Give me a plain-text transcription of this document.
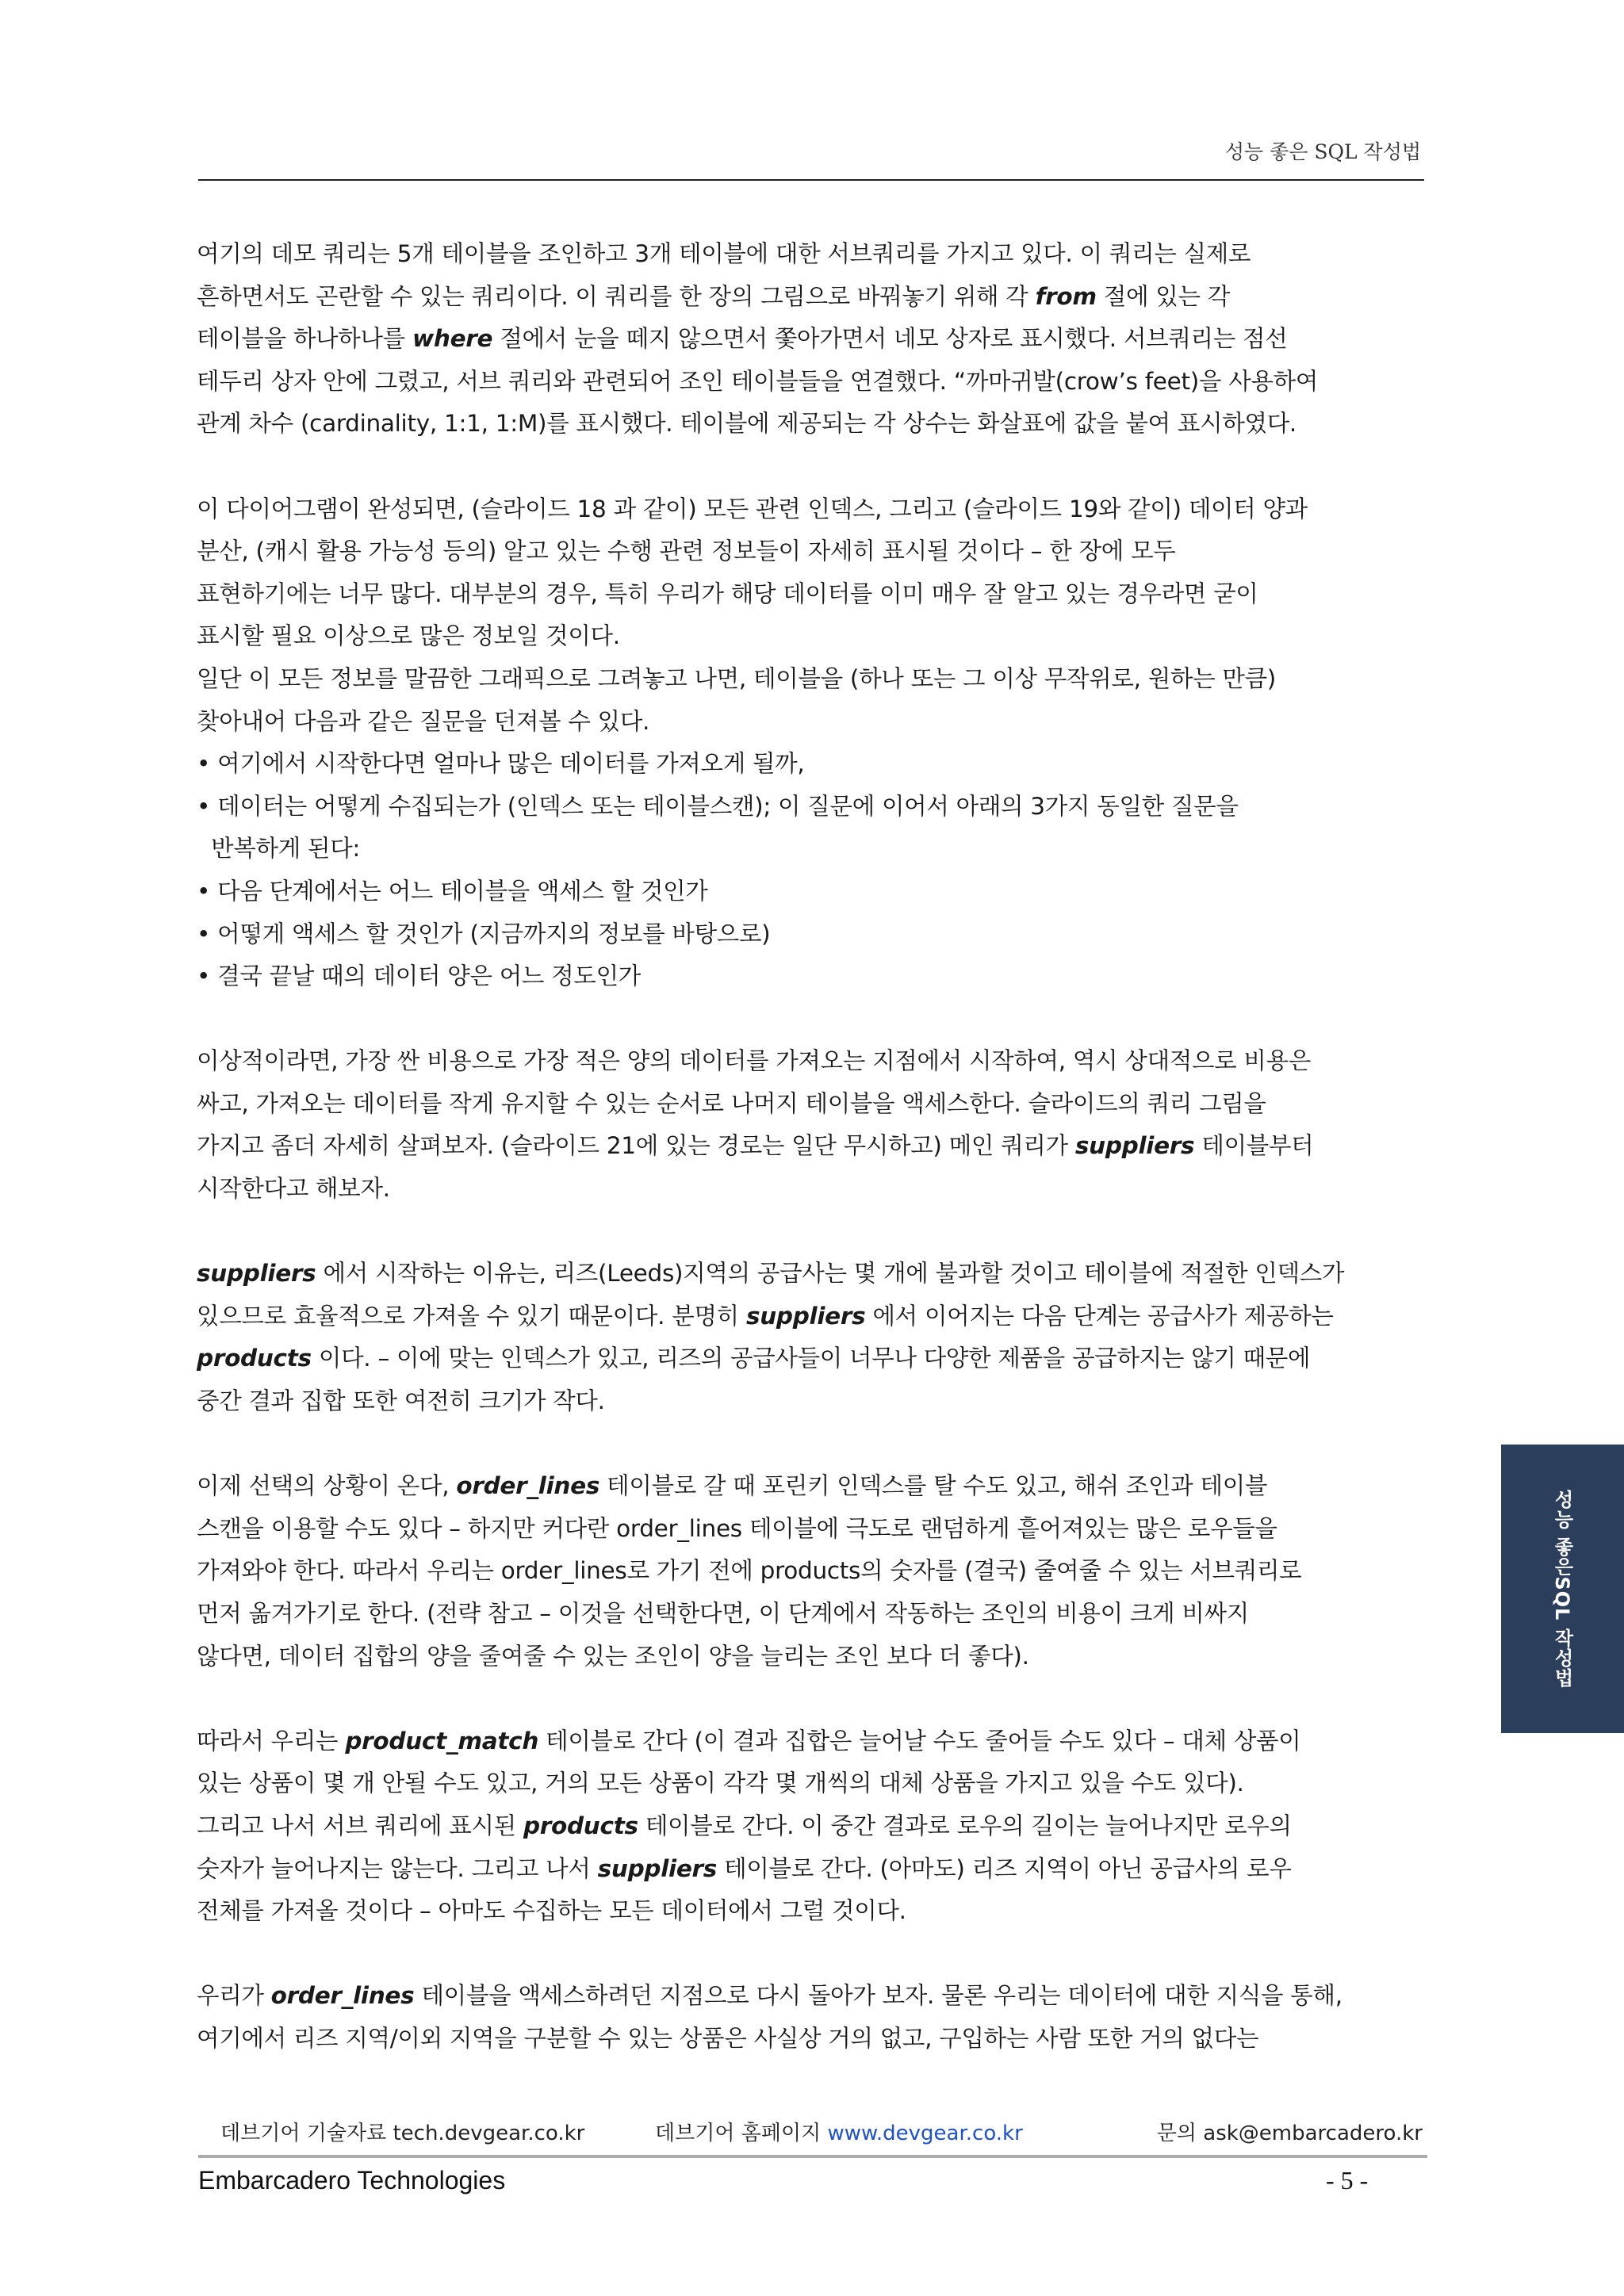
성능 좋은 SQL 작성법

여기의 데모 쿼리는 5개 테이블을 조인하고 3개 테이블에 대한 서브쿼리를 가지고 있다. 이 쿼리는 실제로
흔하면서도 곤란할 수 있는 쿼리이다. 이 쿼리를 한 장의 그림으로 바꿔놓기 위해 각 from 절에 있는 각
테이블을 하나하나를 where 절에서 눈을 떼지 않으면서 쫓아가면서 네모 상자로 표시했다. 서브쿼리는 점선
테두리 상자 안에 그렸고, 서브 쿼리와 관련되어 조인 테이블들을 연결했다. “까마귀발(crow’s feet)을 사용하여
관계 차수 (cardinality, 1:1, 1:M)를 표시했다. 테이블에 제공되는 각 상수는 화살표에 값을 붙여 표시하였다.

이 다이어그램이 완성되면, (슬라이드 18 과 같이) 모든 관련 인덱스, 그리고 (슬라이드 19와 같이) 데이터 양과
분산, (캐시 활용 가능성 등의) 알고 있는 수행 관련 정보들이 자세히 표시될 것이다 – 한 장에 모두
표현하기에는 너무 많다. 대부분의 경우, 특히 우리가 해당 데이터를 이미 매우 잘 알고 있는 경우라면 굳이
표시할 필요 이상으로 많은 정보일 것이다.
일단 이 모든 정보를 말끔한 그래픽으로 그려놓고 나면, 테이블을 (하나 또는 그 이상 무작위로, 원하는 만큼)
찾아내어 다음과 같은 질문을 던져볼 수 있다.
• 여기에서 시작한다면 얼마나 많은 데이터를 가져오게 될까,
• 데이터는 어떻게 수집되는가 (인덱스 또는 테이블스캔); 이 질문에 이어서 아래의 3가지 동일한 질문을
반복하게 된다:
• 다음 단계에서는 어느 테이블을 액세스 할 것인가
• 어떻게 액세스 할 것인가 (지금까지의 정보를 바탕으로)
• 결국 끝날 때의 데이터 양은 어느 정도인가

이상적이라면, 가장 싼 비용으로 가장 적은 양의 데이터를 가져오는 지점에서 시작하여, 역시 상대적으로 비용은
싸고, 가져오는 데이터를 작게 유지할 수 있는 순서로 나머지 테이블을 액세스한다. 슬라이드의 쿼리 그림을
가지고 좀더 자세히 살펴보자. (슬라이드 21에 있는 경로는 일단 무시하고) 메인 쿼리가 suppliers 테이블부터
시작한다고 해보자.

suppliers 에서 시작하는 이유는, 리즈(Leeds)지역의 공급사는 몇 개에 불과할 것이고 테이블에 적절한 인덱스가
있으므로 효율적으로 가져올 수 있기 때문이다. 분명히 suppliers 에서 이어지는 다음 단계는 공급사가 제공하는
products 이다. – 이에 맞는 인덱스가 있고, 리즈의 공급사들이 너무나 다양한 제품을 공급하지는 않기 때문에
중간 결과 집합 또한 여전히 크기가 작다.

이제 선택의 상황이 온다, order_lines 테이블로 갈 때 포린키 인덱스를 탈 수도 있고, 해쉬 조인과 테이블
스캔을 이용할 수도 있다 – 하지만 커다란 order_lines 테이블에 극도로 랜덤하게 흩어져있는 많은 로우들을
가져와야 한다. 따라서 우리는 order_lines로 가기 전에 products의 숫자를 (결국) 줄여줄 수 있는 서브쿼리로
먼저 옮겨가기로 한다. (전략 참고 – 이것을 선택한다면, 이 단계에서 작동하는 조인의 비용이 크게 비싸지
않다면, 데이터 집합의 양을 줄여줄 수 있는 조인이 양을 늘리는 조인 보다 더 좋다).

따라서 우리는 product_match 테이블로 간다 (이 결과 집합은 늘어날 수도 줄어들 수도 있다 – 대체 상품이
있는 상품이 몇 개 안될 수도 있고, 거의 모든 상품이 각각 몇 개씩의 대체 상품을 가지고 있을 수도 있다).
그리고 나서 서브 쿼리에 표시된 products 테이블로 간다. 이 중간 결과로 로우의 길이는 늘어나지만 로우의
숫자가 늘어나지는 않는다. 그리고 나서 suppliers 테이블로 간다. (아마도) 리즈 지역이 아닌 공급사의 로우
전체를 가져올 것이다 – 아마도 수집하는 모든 데이터에서 그럴 것이다.

우리가 order_lines 테이블을 액세스하려던 지점으로 다시 돌아가 보자. 물론 우리는 데이터에 대한 지식을 통해,
여기에서 리즈 지역/이외 지역을 구분할 수 있는 상품은 사실상 거의 없고, 구입하는 사람 또한 거의 없다는

성능 좋은SQL 작성법
데브기어 기술자료 tech.devgear.co.kr	데브기어 홈페이지 www.devgear.co.kr	문의 ask@embarcadero.kr
Embarcadero Technologies	- 5 -
